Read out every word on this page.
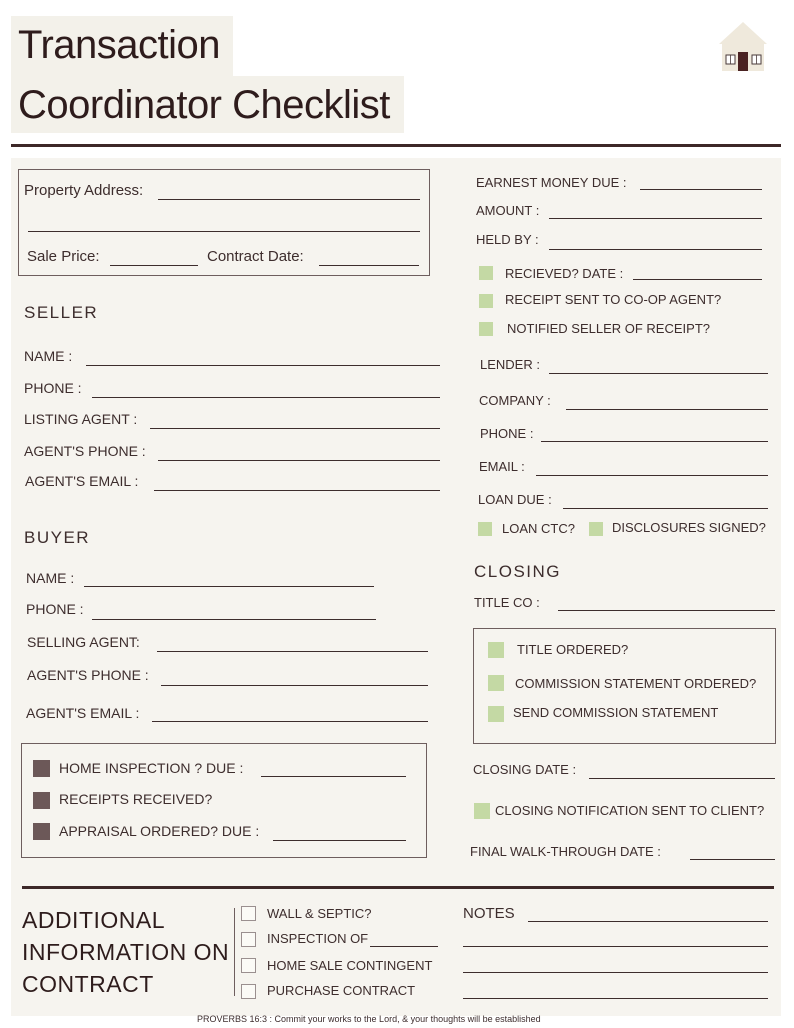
Transaction
Coordinator Checklist
Property Address:
Sale Price:	Contract Date:
SELLER
NAME :
PHONE :
LISTING AGENT :
AGENT'S PHONE :
AGENT'S EMAIL :
BUYER
NAME :
PHONE :
SELLING AGENT:
AGENT'S PHONE :
AGENT'S EMAIL :
HOME INSPECTION ? DUE :
RECEIPTS RECEIVED?
APPRAISAL ORDERED? DUE :
EARNEST MONEY DUE :
AMOUNT :
HELD BY :
RECIEVED? DATE :
RECEIPT SENT TO CO-OP AGENT?
NOTIFIED SELLER OF RECEIPT?
LENDER :
COMPANY :
PHONE :
EMAIL :
LOAN DUE :
LOAN CTC?	DISCLOSURES SIGNED?
CLOSING
TITLE CO :
TITLE ORDERED?
COMMISSION STATEMENT ORDERED?
SEND COMMISSION STATEMENT
CLOSING DATE :
CLOSING NOTIFICATION SENT TO CLIENT?
FINAL WALK-THROUGH DATE :
ADDITIONAL
INFORMATION ON
CONTRACT
WALL & SEPTIC?
INSPECTION OF
HOME SALE CONTINGENT
PURCHASE CONTRACT
NOTES
PROVERBS 16:3 : Commit your works to the Lord, & your thoughts will be established
